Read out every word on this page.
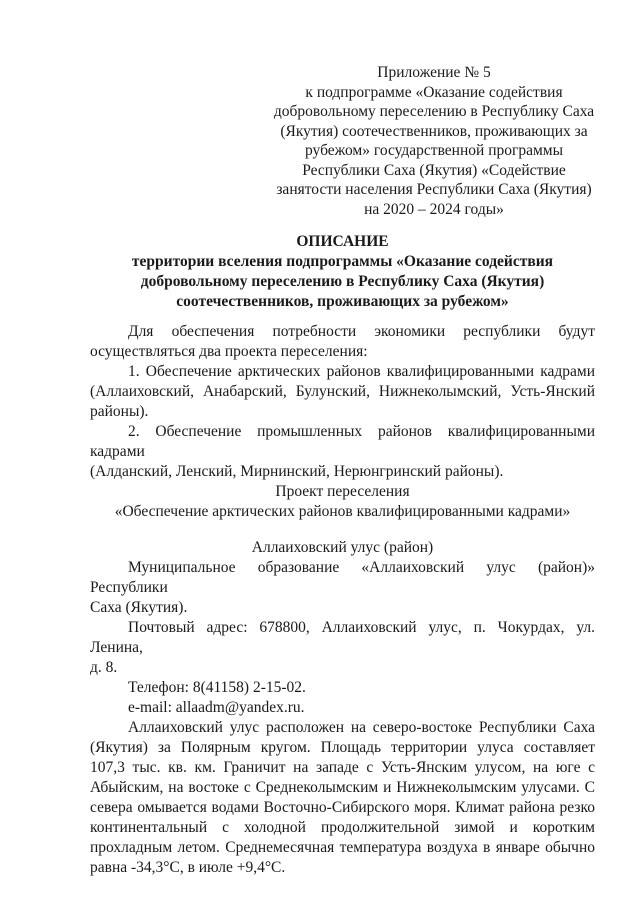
Приложение № 5
к подпрограмме «Оказание содействия
добровольному переселению в Республику Саха
(Якутия) соотечественников, проживающих за
рубежом» государственной программы
Республики Саха (Якутия) «Содействие
занятости населения Республики Саха (Якутия)
на 2020 – 2024 годы»
ОПИСАНИЕ
территории вселения подпрограммы «Оказание содействия
добровольному переселению в Республику Саха (Якутия)
соотечественников, проживающих за рубежом»
Для обеспечения потребности экономики республики будут
осуществляться два проекта переселения:
1. Обеспечение арктических районов квалифицированными кадрами
(Аллаиховский, Анабарский, Булунский, Нижнеколымский, Усть-Янский
районы).
2. Обеспечение промышленных районов квалифицированными кадрами
(Алданский, Ленский, Мирнинский, Нерюнгринский районы).
Проект переселения
«Обеспечение арктических районов квалифицированными кадрами»
Аллаиховский улус (район)
Муниципальное образование «Аллаиховский улус (район)» Республики
Саха (Якутия).
Почтовый адрес: 678800, Аллаиховский улус, п. Чокурдах, ул. Ленина,
д. 8.
Телефон: 8(41158) 2-15-02.
e-mail: allaadm@yandex.ru.
Аллаиховский улус расположен на северо-востоке Республики Саха
(Якутия) за Полярным кругом. Площадь территории улуса составляет
107,3 тыс. кв. км. Граничит на западе с Усть-Янским улусом, на юге с
Абыйским, на востоке с Среднеколымским и Нижнеколымским улусами. С
севера омывается водами Восточно-Сибирского моря. Климат района резко
континентальный с холодной продолжительной зимой и коротким
прохладным летом. Среднемесячная температура воздуха в январе обычно
равна -34,3°С, в июле +9,4°С.
